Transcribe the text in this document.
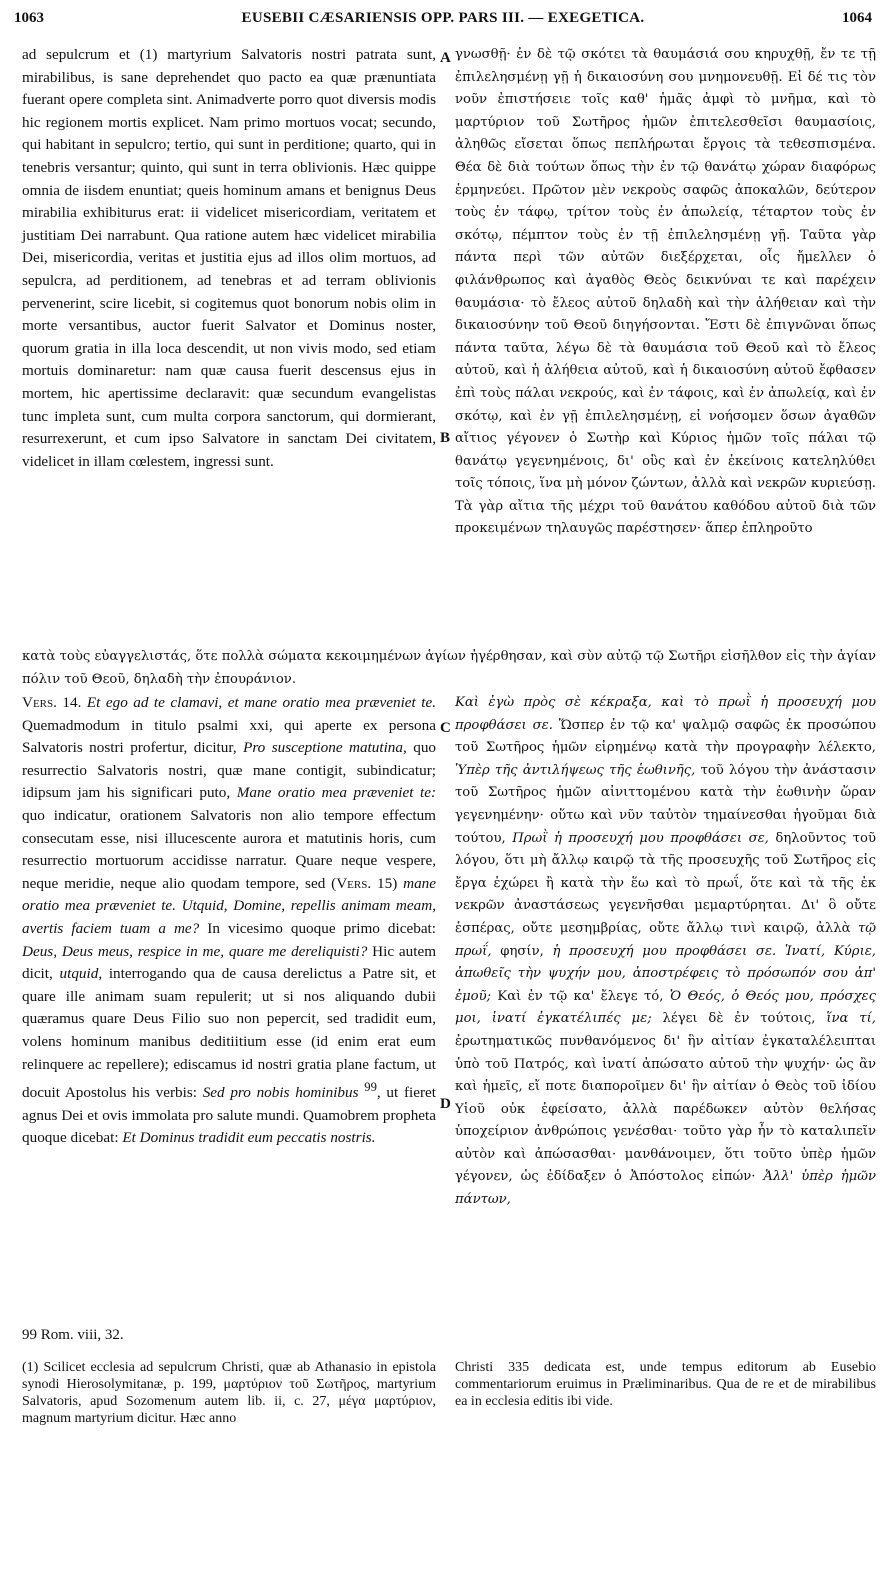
1063	EUSEBII CÆSARIENSIS OPP. PARS III. — EXEGETICA.	1064
A
B
C
D

ad sepulcrum et (1) martyrium Salvatoris nostri patrata sunt, mirabilibus, is sane deprehendet quo pacto ea quæ prænuntiata fuerant opere completa sint. Animadverte porro quot diversis modis hic regionem mortis explicet. Nam primo mortuos vocat; secundo, qui habitant in sepulcro; tertio, qui sunt in perditione; quarto, qui in tenebris versantur; quinto, qui sunt in terra oblivionis. Hæc quippe omnia de iisdem enuntiat; queis hominum amans et benignus Deus mirabilia exhibiturus erat: ii videlicet misericordiam, veritatem et justitiam Dei narrabunt. Qua ratione autem hæc videlicet mirabilia Dei, misericordia, veritas et justitia ejus ad illos olim mortuos, ad sepulcra, ad perditionem, ad tenebras et ad terram oblivionis pervenerint, scire licebit, si cogitemus quot bonorum nobis olim in morte versantibus, auctor fuerit Salvator et Dominus noster, quorum gratia in illa loca descendit, ut non vivis modo, sed etiam mortuis dominaretur: nam quæ causa fuerit descensus ejus in mortem, hic apertissime declaravit: quæ secundum evangelistas tunc impleta sunt, cum multa corpora sanctorum, qui dormierant, resurrexerunt, et cum ipso Salvatore in sanctam Dei civitatem, videlicet in illam cœlestem, ingressi sunt.

γνωσθῇ· ἐν δὲ τῷ σκότει τὰ θαυμάσιά σου κηρυχθῇ, ἔν τε τῇ ἐπιλελησμένῃ γῇ ἡ δικαιοσύνη σου μνημονευθῇ. Εἰ δέ τις τὸν νοῦν ἐπιστήσειε τοῖς καθ' ἡμᾶς ἀμφὶ τὸ μνῆμα, καὶ τὸ μαρτύριον τοῦ Σωτῆρος ἡμῶν ἐπιτελεσθεῖσι θαυμασίοις, ἀληθῶς εἴσεται ὅπως πεπλήρωται ἔργοις τὰ τεθεσπισμένα. Θέα δὲ διὰ τούτων ὅπως τὴν ἐν τῷ θανάτῳ χώραν διαφόρως ἑρμηνεύει. Πρῶτον μὲν νεκροὺς σαφῶς ἀποκαλῶν, δεύτερον τοὺς ἐν τάφῳ, τρίτον τοὺς ἐν ἀπωλείᾳ, τέταρτον τοὺς ἐν σκότῳ, πέμπτον τοὺς ἐν τῇ ἐπιλελησμένῃ γῇ. Ταῦτα γὰρ πάντα περὶ τῶν αὐτῶν διεξέρχεται, οἷς ἤμελλεν ὁ φιλάνθρωπος καὶ ἀγαθὸς Θεὸς δεικνύναι τε καὶ παρέχειν θαυμάσια· τὸ ἔλεος αὐτοῦ δηλαδὴ καὶ τὴν ἀλήθειαν καὶ τὴν δικαιοσύνην τοῦ Θεοῦ διηγήσονται. Ἔστι δὲ ἐπιγνῶναι ὅπως πάντα ταῦτα, λέγω δὲ τὰ θαυμάσια τοῦ Θεοῦ καὶ τὸ ἔλεος αὐτοῦ, καὶ ἡ ἀλήθεια αὐτοῦ, καὶ ἡ δικαιοσύνη αὐτοῦ ἔφθασεν ἐπὶ τοὺς πάλαι νεκρούς, καὶ ἐν τάφοις, καὶ ἐν ἀπωλείᾳ, καὶ ἐν σκότῳ, καὶ ἐν γῇ ἐπιλελησμένῃ, εἰ νοήσομεν ὅσων ἀγαθῶν αἴτιος γέγονεν ὁ Σωτὴρ καὶ Κύριος ἡμῶν τοῖς πάλαι τῷ θανάτῳ γεγενημένοις, δι' οὓς καὶ ἐν ἐκείνοις κατεληλύθει τοῖς τόποις, ἵνα μὴ μόνον ζώντων, ἀλλὰ καὶ νεκρῶν κυριεύσῃ. Τὰ γὰρ αἴτια τῆς μέχρι τοῦ θανάτου καθόδου αὐτοῦ διὰ τῶν προκειμένων τηλαυγῶς παρέστησεν· ἅπερ ἐπληροῦτο

κατὰ τοὺς εὐαγγελιστάς, ὅτε πολλὰ σώματα κεκοιμημένων ἁγίων ἠγέρθησαν, καὶ σὺν αὐτῷ τῷ Σωτῆρι εἰσῆλθον εἰς τὴν ἁγίαν πόλιν τοῦ Θεοῦ, δηλαδὴ τὴν ἐπουράνιον.

Vers. 14. Et ego ad te clamavi, et mane oratio mea præveniet te. Quemadmodum in titulo psalmi xxi, qui aperte ex persona Salvatoris nostri profertur, dicitur, Pro susceptione matutina, quo resurrectio Salvatoris nostri, quæ mane contigit, subindicatur; idipsum jam his significari puto, Mane oratio mea præveniet te: quo indicatur, orationem Salvatoris non alio tempore effectum consecutam esse, nisi illucescente aurora et matutinis horis, cum resurrectio mortuorum accidisse narratur. Quare neque vespere, neque meridie, neque alio quodam tempore, sed (Vers. 15) mane oratio mea præveniet te. Utquid, Domine, repellis animam meam, avertis faciem tuam a me? In vicesimo quoque primo dicebat: Deus, Deus meus, respice in me, quare me dereliquisti? Hic autem dicit, utquid, interrogando qua de causa derelictus a Patre sit, et quare ille animam suam repulerit; ut si nos aliquando dubii quæramus quare Deus Filio suo non pepercit, sed tradidit eum, volens hominum manibus deditiitium esse (id enim erat eum relinquere ac repellere); ediscamus id nostri gratia plane factum, ut docuit Apostolus his verbis: Sed pro nobis hominibus $^{99}$, ut fieret agnus Dei et ovis immolata pro salute mundi. Quamobrem propheta quoque dicebat: Et Dominus tradidit eum peccatis nostris.

Καὶ ἐγὼ πρὸς σὲ κέκραξα, καὶ τὸ πρωῒ ἡ προσευχή μου προφθάσει σε. Ὥσπερ ἐν τῷ κα' ψαλμῷ σαφῶς ἐκ προσώπου τοῦ Σωτῆρος ἡμῶν εἰρημένῳ κατὰ τὴν προγραφὴν λέλεκτο, Ὑπὲρ τῆς ἀντιλήψεως τῆς ἑωθινῆς, τοῦ λόγου τὴν ἀνάστασιν τοῦ Σωτῆρος ἡμῶν αἰνιττομένου κατὰ τὴν ἑωθινὴν ὥραν γεγενημένην· οὕτω καὶ νῦν ταὐτὸν τημαίνεσθαι ἡγοῦμαι διὰ τούτου, Πρωῒ ἡ προσευχή μου προφθάσει σε, δηλοῦντος τοῦ λόγου, ὅτι μὴ ἄλλῳ καιρῷ τὰ τῆς προσευχῆς τοῦ Σωτῆρος εἰς ἔργα ἐχώρει ἢ κατὰ τὴν ἕω καὶ τὸ πρωΐ, ὅτε καὶ τὰ τῆς ἐκ νεκρῶν ἀναστάσεως γεγενῆσθαι μεμαρτύρηται. Δι' ὃ οὔτε ἑσπέρας, οὔτε μεσημβρίας, οὔτε ἄλλῳ τινὶ καιρῷ, ἀλλὰ τῷ πρωΐ, φησίν, ἡ προσευχή μου προφθάσει σε. Ἱνατί, Κύριε, ἀπωθεῖς τὴν ψυχήν μου, ἀποστρέφεις τὸ πρόσωπόν σου ἀπ' ἐμοῦ; Καὶ ἐν τῷ κα' ἔλεγε τό, Ὁ Θεός, ὁ Θεός μου, πρόσχες μοι, ἱνατί ἐγκατέλιπές με; λέγει δὲ ἐν τούτοις, ἵνα τί, ἐρωτηματικῶς πυνθανόμενος δι' ἣν αἰτίαν ἐγκαταλέλειπται ὑπὸ τοῦ Πατρός, καὶ ἱνατί ἀπώσατο αὐτοῦ τὴν ψυχήν· ὡς ἂν καὶ ἡμεῖς, εἴ ποτε διαποροῖμεν δι' ἣν αἰτίαν ὁ Θεὸς τοῦ ἰδίου Υἱοῦ οὐκ ἐφείσατο, ἀλλὰ παρέδωκεν αὐτὸν θελήσας ὑποχείριον ἀνθρώποις γενέσθαι· τοῦτο γὰρ ἦν τὸ καταλιπεῖν αὐτὸν καὶ ἀπώσασθαι· μανθάνοιμεν, ὅτι τοῦτο ὑπὲρ ἡμῶν γέγονεν, ὡς ἐδίδαξεν ὁ Ἀπόστολος εἰπών· Ἀλλ' ὑπὲρ ἡμῶν πάντων,

99 Rom. viii, 32.

(1) Scilicet ecclesia ad sepulcrum Christi, quæ ab Athanasio in epistola synodi Hierosolymitanæ, p. 199, μαρτύριον τοῦ Σωτῆρος, martyrium Salvatoris, apud Sozomenum autem lib. ii, c. 27, μέγα μαρτύριον, magnum martyrium dicitur. Hæc anno

Christi 335 dedicata est, unde tempus editorum ab Eusebio commentariorum eruimus in Præliminaribus. Qua de re et de mirabilibus ea in ecclesia editis ibi vide.
